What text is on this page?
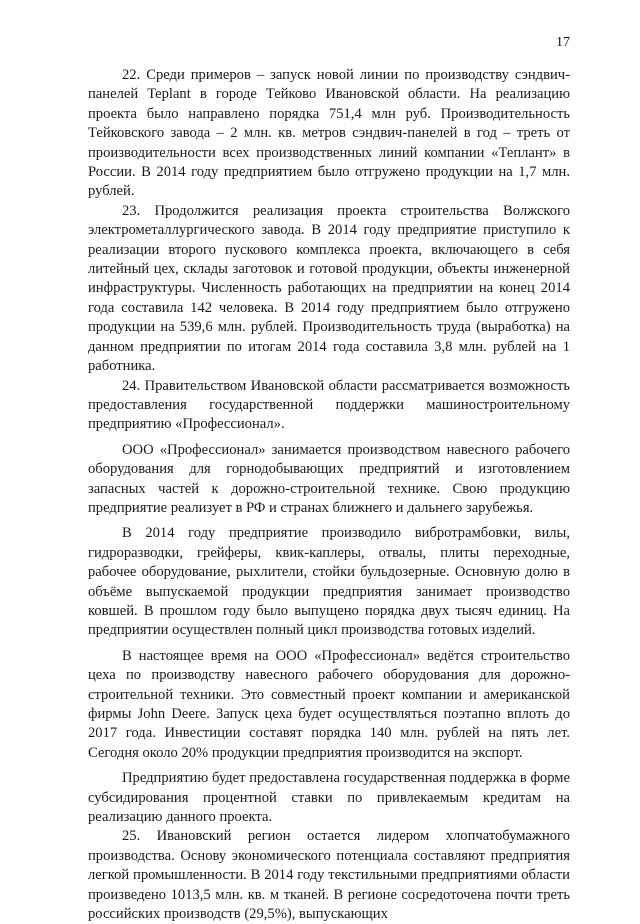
17

22. Среди примеров – запуск новой линии по производству сэндвич-панелей Teplant в городе Тейково Ивановской области. На реализацию проекта было направлено порядка 751,4 млн руб. Производительность Тейковского завода – 2 млн. кв. метров сэндвич-панелей в год – треть от производительности всех производственных линий компании «Теплант» в России. В 2014 году предприятием было отгружено продукции на 1,7 млн. рублей.

23. Продолжится реализация проекта строительства Волжского электрометаллургического завода. В 2014 году предприятие приступило к реализации второго пускового комплекса проекта, включающего в себя литейный цех, склады заготовок и готовой продукции, объекты инженерной инфраструктуры. Численность работающих на предприятии на конец 2014 года составила 142 человека. В 2014 году предприятием было отгружено продукции на 539,6 млн. рублей. Производительность труда (выработка) на данном предприятии по итогам 2014 года составила 3,8 млн. рублей на 1 работника.

24. Правительством Ивановской области рассматривается возможность предоставления государственной поддержки машиностроительному предприятию «Профессионал».

ООО «Профессионал» занимается производством навесного рабочего оборудования для горнодобывающих предприятий и изготовлением запасных частей к дорожно-строительной технике. Свою продукцию предприятие реализует в РФ и странах ближнего и дальнего зарубежья.

В 2014 году предприятие производило вибротрамбовки, вилы, гидроразводки, грейферы, квик-каплеры, отвалы, плиты переходные, рабочее оборудование, рыхлители, стойки бульдозерные. Основную долю в объёме выпускаемой продукции предприятия занимает производство ковшей. В прошлом году было выпущено порядка двух тысяч единиц. На предприятии осуществлен полный цикл производства готовых изделий.

В настоящее время на ООО «Профессионал» ведётся строительство цеха по производству навесного рабочего оборудования для дорожно-строительной техники. Это совместный проект компании и американской фирмы John Deere. Запуск цеха будет осуществляться поэтапно вплоть до 2017 года. Инвестиции составят порядка 140 млн. рублей на пять лет. Сегодня около 20% продукции предприятия производится на экспорт.

Предприятию будет предоставлена государственная поддержка в форме субсидирования процентной ставки по привлекаемым кредитам на реализацию данного проекта.

25. Ивановский регион остается лидером хлопчатобумажного производства. Основу экономического потенциала составляют предприятия легкой промышленности. В 2014 году текстильными предприятиями области произведено 1013,5 млн. кв. м тканей. В регионе сосредоточена почти треть российских производств (29,5%), выпускающих
